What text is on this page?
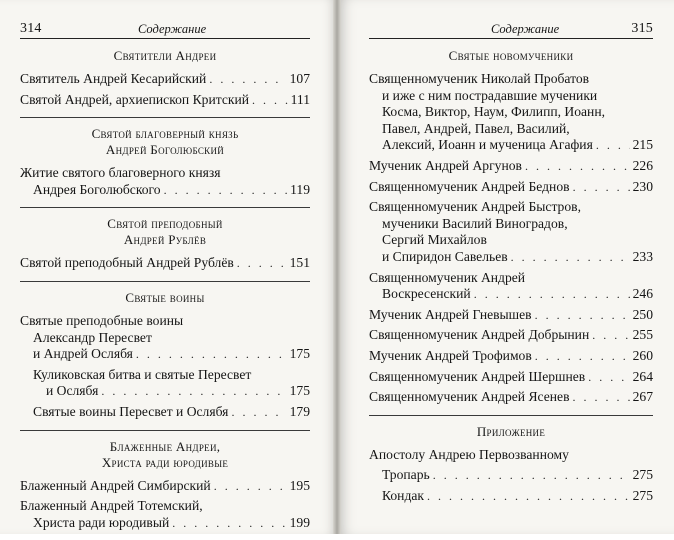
314	Содержание
Святители Андреи
Святитель Андрей Кесарийский . . .	107
Святой Андрей, архиепископ Критский . . .	111
Святой благоверный князь
Андрей Боголюбский
Житие святого благоверного князя
Андрея Боголюбского . . .	119
Святой преподобный
Андрей Рублёв
Святой преподобный Андрей Рублёв . . .	151
Святые воины
Святые преподобные воины
Александр Пересвет
и Андрей Ослябя . . .	175
Куликовская битва и святые Пересвет
и Ослябя . . .	175
Святые воины Пересвет и Ослябя . . .	179
Блаженные Андреи,
Христа ради юродивые
Блаженный Андрей Симбирский . . .	195
Блаженный Андрей Тотемский,
Христа ради юродивый . . .	199
Содержание	315
Святые новомученики
Священномученик Николай Пробатов
и иже с ним пострадавшие мученики
Косма, Виктор, Наум, Филипп, Иоанн,
Павел, Андрей, Павел, Василий,
Алексий, Иоанн и мученица Агафия . . .	215
Мученик Андрей Аргунов . . .	226
Священномученик Андрей Беднов . . .	230
Священномученик Андрей Быстров,
мученики Василий Виноградов,
Сергий Михайлов
и Спиридон Савельев . . .	233
Священномученик Андрей
Воскресенский . . .	246
Мученик Андрей Гневышев . . .	250
Священномученик Андрей Добрынин . . .	255
Мученик Андрей Трофимов . . .	260
Священномученик Андрей Шершнев . . .	264
Священномученик Андрей Ясенев . . .	267
Приложение
Апостолу Андрею Первозванному
Тропарь . . .	275
Кондак . . .	275
